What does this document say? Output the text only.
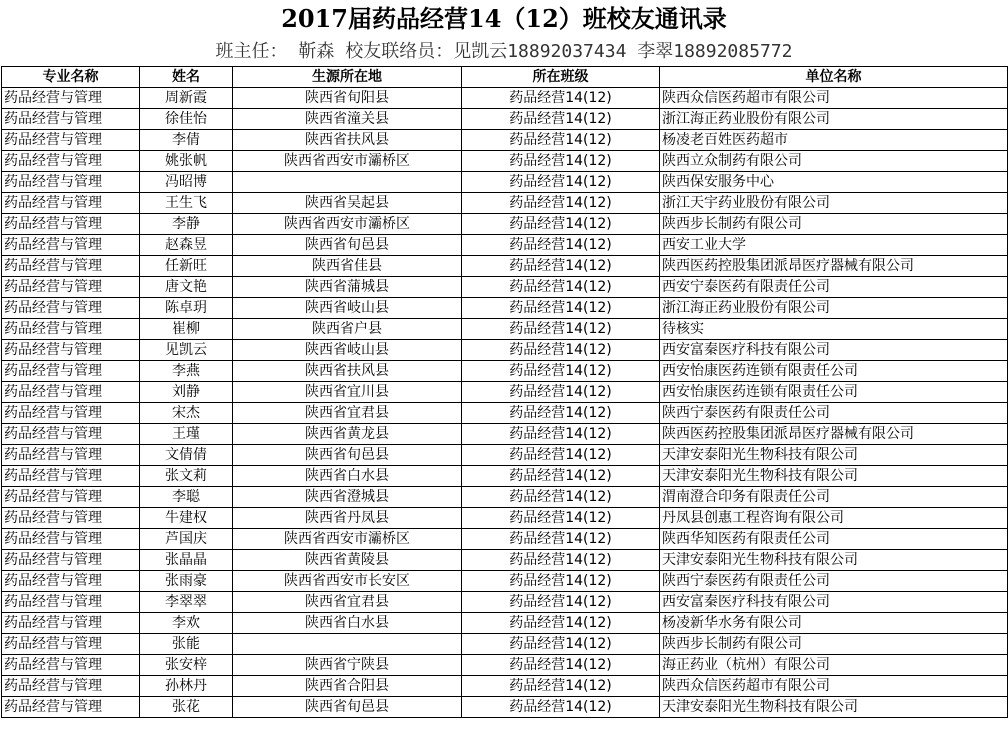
2017届药品经营14（12）班校友通讯录
班主任： 靳森 校友联络员：见凯云18892037434 李翠18892085772
专业名称	姓名	生源所在地	所在班级	单位名称
药品经营与管理	周新霞	陕西省旬阳县	药品经营14(12)	陕西众信医药超市有限公司
药品经营与管理	徐佳怡	陕西省潼关县	药品经营14(12)	浙江海正药业股份有限公司
药品经营与管理	李倩	陕西省扶风县	药品经营14(12)	杨凌老百姓医药超市
药品经营与管理	姚张帆	陕西省西安市灞桥区	药品经营14(12)	陕西立众制药有限公司
药品经营与管理	冯昭博		药品经营14(12)	陕西保安服务中心
药品经营与管理	王生飞	陕西省吴起县	药品经营14(12)	浙江天宇药业股份有限公司
药品经营与管理	李静	陕西省西安市灞桥区	药品经营14(12)	陕西步长制药有限公司
药品经营与管理	赵森昱	陕西省旬邑县	药品经营14(12)	西安工业大学
药品经营与管理	任新旺	陕西省佳县	药品经营14(12)	陕西医药控股集团派昂医疗器械有限公司
药品经营与管理	唐文艳	陕西省蒲城县	药品经营14(12)	西安宁泰医药有限责任公司
药品经营与管理	陈卓玥	陕西省岐山县	药品经营14(12)	浙江海正药业股份有限公司
药品经营与管理	崔柳	陕西省户县	药品经营14(12)	待核实
药品经营与管理	见凯云	陕西省岐山县	药品经营14(12)	西安富秦医疗科技有限公司
药品经营与管理	李燕	陕西省扶风县	药品经营14(12)	西安怡康医药连锁有限责任公司
药品经营与管理	刘静	陕西省宜川县	药品经营14(12)	西安怡康医药连锁有限责任公司
药品经营与管理	宋杰	陕西省宜君县	药品经营14(12)	陕西宁泰医药有限责任公司
药品经营与管理	王瑾	陕西省黄龙县	药品经营14(12)	陕西医药控股集团派昂医疗器械有限公司
药品经营与管理	文倩倩	陕西省旬邑县	药品经营14(12)	天津安泰阳光生物科技有限公司
药品经营与管理	张文莉	陕西省白水县	药品经营14(12)	天津安泰阳光生物科技有限公司
药品经营与管理	李聪	陕西省澄城县	药品经营14(12)	渭南澄合印务有限责任公司
药品经营与管理	牛建权	陕西省丹凤县	药品经营14(12)	丹凤县创惠工程咨询有限公司
药品经营与管理	芦国庆	陕西省西安市灞桥区	药品经营14(12)	陕西华知医药有限责任公司
药品经营与管理	张晶晶	陕西省黄陵县	药品经营14(12)	天津安泰阳光生物科技有限公司
药品经营与管理	张雨豪	陕西省西安市长安区	药品经营14(12)	陕西宁泰医药有限责任公司
药品经营与管理	李翠翠	陕西省宜君县	药品经营14(12)	西安富秦医疗科技有限公司
药品经营与管理	李欢	陕西省白水县	药品经营14(12)	杨凌新华水务有限公司
药品经营与管理	张能		药品经营14(12)	陕西步长制药有限公司
药品经营与管理	张安梓	陕西省宁陕县	药品经营14(12)	海正药业（杭州）有限公司
药品经营与管理	孙林丹	陕西省合阳县	药品经营14(12)	陕西众信医药超市有限公司
药品经营与管理	张花	陕西省旬邑县	药品经营14(12)	天津安泰阳光生物科技有限公司
